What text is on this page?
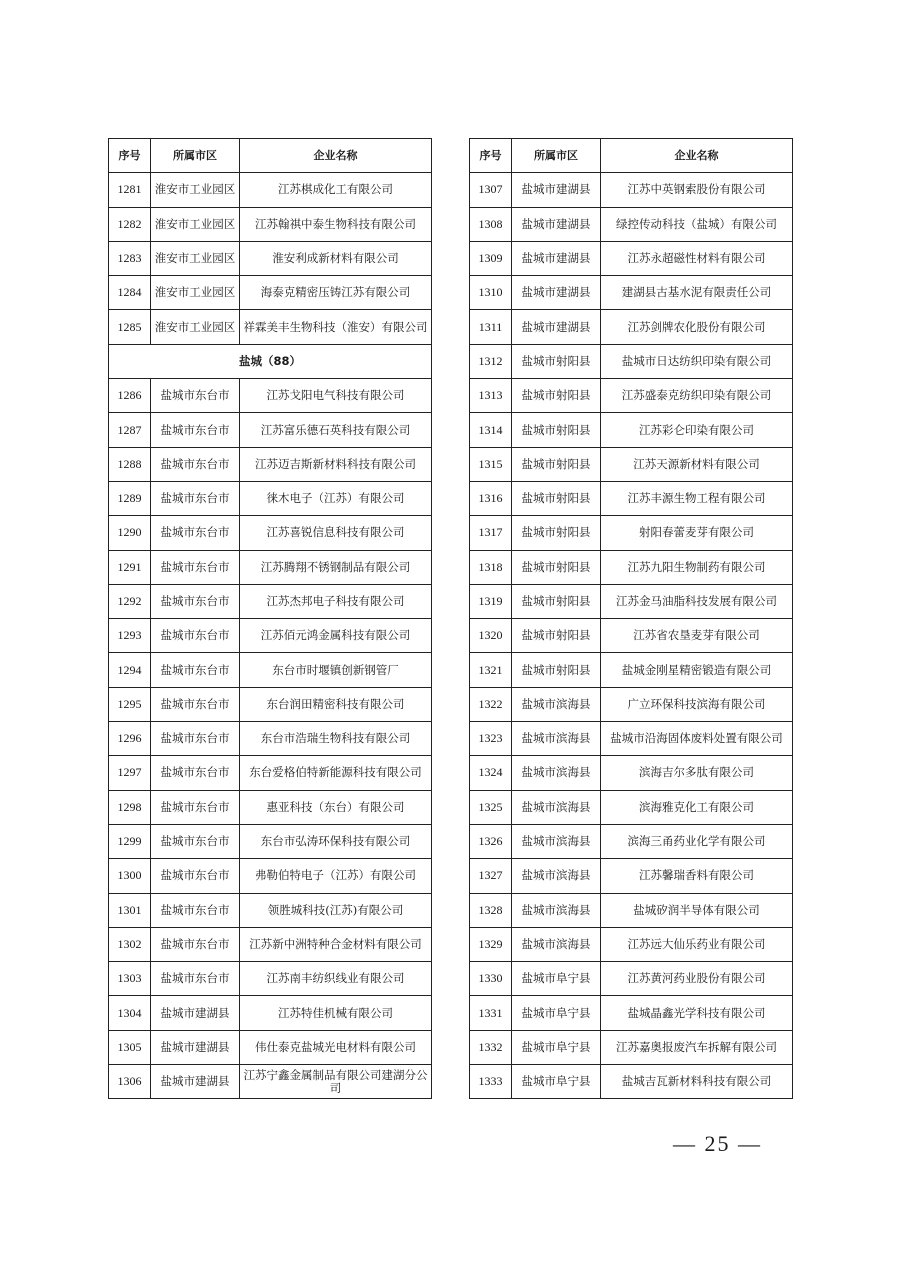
序号	所属市区	企业名称
1281	淮安市工业园区	江苏棋成化工有限公司
1282	淮安市工业园区	江苏翰祺中泰生物科技有限公司
1283	淮安市工业园区	淮安利成新材料有限公司
1284	淮安市工业园区	海泰克精密压铸江苏有限公司
1285	淮安市工业园区	祥霖美丰生物科技（淮安）有限公司
盐城（88）		
1286	盐城市东台市	江苏戈阳电气科技有限公司
1287	盐城市东台市	江苏富乐德石英科技有限公司
1288	盐城市东台市	江苏迈吉斯新材料科技有限公司
1289	盐城市东台市	徕木电子（江苏）有限公司
1290	盐城市东台市	江苏喜锐信息科技有限公司
1291	盐城市东台市	江苏腾翔不锈钢制品有限公司
1292	盐城市东台市	江苏杰邦电子科技有限公司
1293	盐城市东台市	江苏佰元鸿金属科技有限公司
1294	盐城市东台市	东台市时堰镇创新钢管厂
1295	盐城市东台市	东台润田精密科技有限公司
1296	盐城市东台市	东台市浩瑞生物科技有限公司
1297	盐城市东台市	东台爱格伯特新能源科技有限公司
1298	盐城市东台市	惠亚科技（东台）有限公司
1299	盐城市东台市	东台市弘涛环保科技有限公司
1300	盐城市东台市	弗勒伯特电子（江苏）有限公司
1301	盐城市东台市	领胜城科技(江苏)有限公司
1302	盐城市东台市	江苏新中洲特种合金材料有限公司
1303	盐城市东台市	江苏南丰纺织线业有限公司
1304	盐城市建湖县	江苏特佳机械有限公司
1305	盐城市建湖县	伟仕泰克盐城光电材料有限公司
1306	盐城市建湖县	江苏宁鑫金属制品有限公司建湖分公司
序号	所属市区	企业名称
1307	盐城市建湖县	江苏中英钢索股份有限公司
1308	盐城市建湖县	绿控传动科技（盐城）有限公司
1309	盐城市建湖县	江苏永超磁性材料有限公司
1310	盐城市建湖县	建湖县古基水泥有限责任公司
1311	盐城市建湖县	江苏剑牌农化股份有限公司
1312	盐城市射阳县	盐城市日达纺织印染有限公司
1313	盐城市射阳县	江苏盛泰克纺织印染有限公司
1314	盐城市射阳县	江苏彩仑印染有限公司
1315	盐城市射阳县	江苏天源新材料有限公司
1316	盐城市射阳县	江苏丰源生物工程有限公司
1317	盐城市射阳县	射阳春蕾麦芽有限公司
1318	盐城市射阳县	江苏九阳生物制药有限公司
1319	盐城市射阳县	江苏金马油脂科技发展有限公司
1320	盐城市射阳县	江苏省农垦麦芽有限公司
1321	盐城市射阳县	盐城金刚星精密锻造有限公司
1322	盐城市滨海县	广立环保科技滨海有限公司
1323	盐城市滨海县	盐城市沿海固体废料处置有限公司
1324	盐城市滨海县	滨海吉尔多肽有限公司
1325	盐城市滨海县	滨海雅克化工有限公司
1326	盐城市滨海县	滨海三甬药业化学有限公司
1327	盐城市滨海县	江苏馨瑞香料有限公司
1328	盐城市滨海县	盐城矽润半导体有限公司
1329	盐城市滨海县	江苏远大仙乐药业有限公司
1330	盐城市阜宁县	江苏黄河药业股份有限公司
1331	盐城市阜宁县	盐城晶鑫光学科技有限公司
1332	盐城市阜宁县	江苏嘉奥报废汽车拆解有限公司
1333	盐城市阜宁县	盐城吉瓦新材料科技有限公司
— 25 —
